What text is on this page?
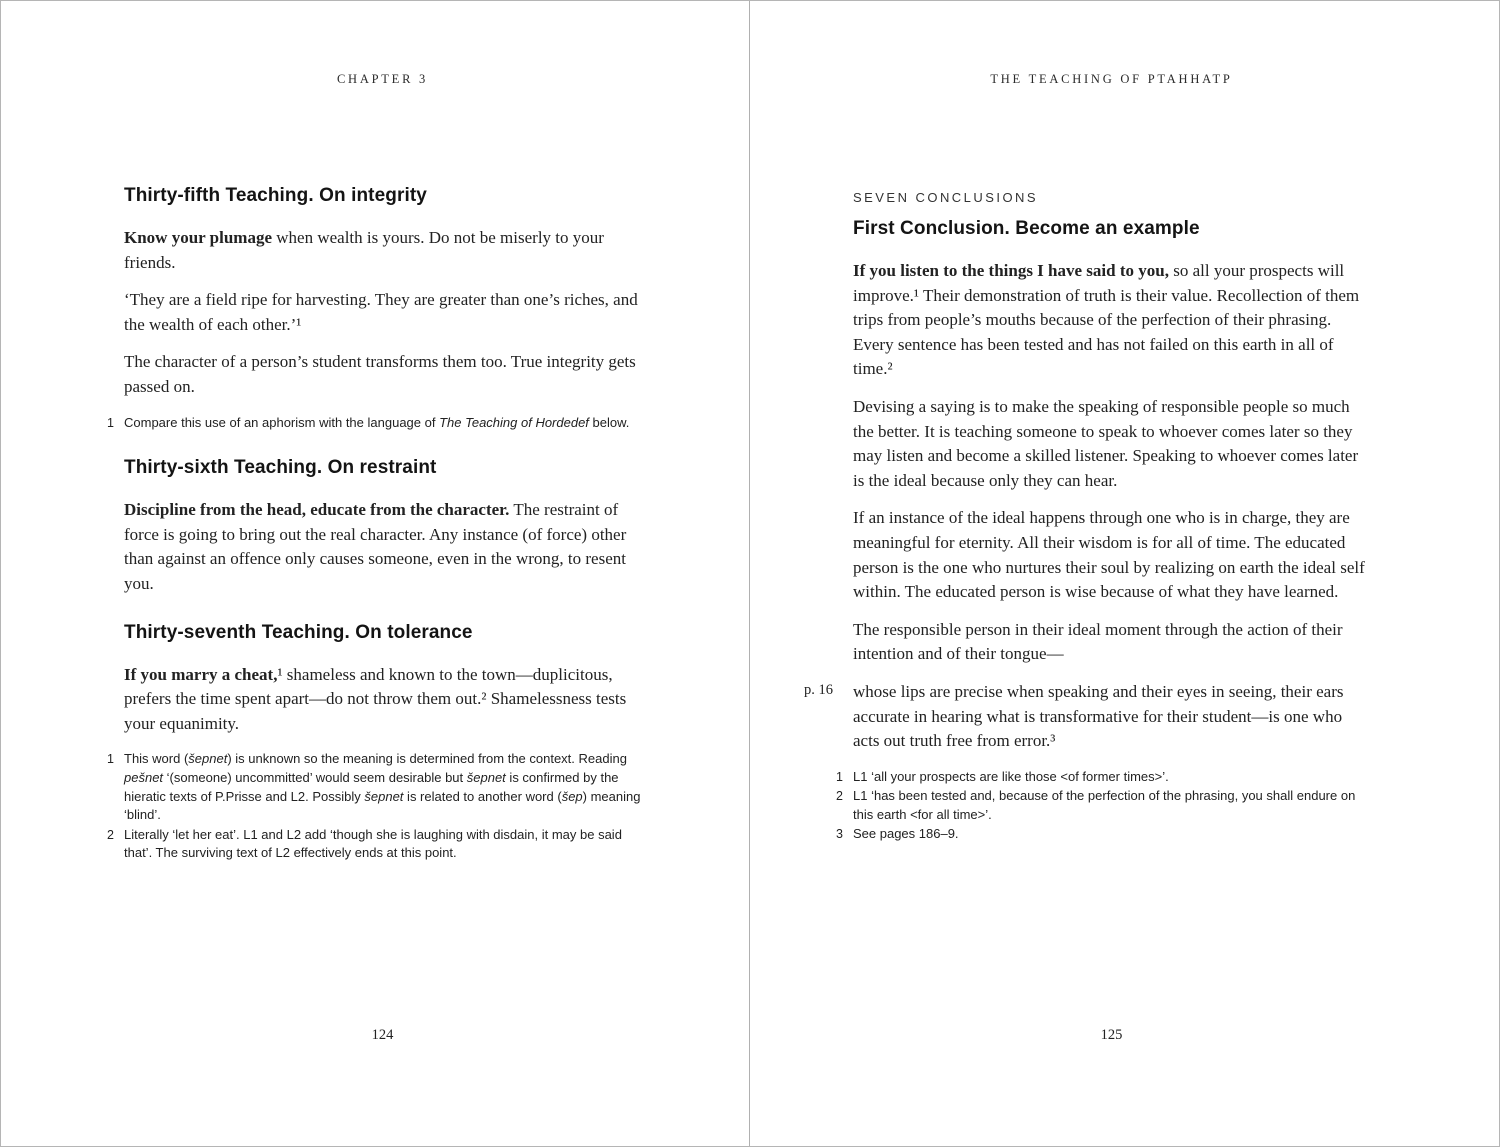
CHAPTER 3
Thirty-fifth Teaching. On integrity

Know your plumage when wealth is yours. Do not be miserly to your friends.

‘They are a field ripe for harvesting. They are greater than one’s riches, and the wealth of each other.’¹

The character of a person’s student transforms them too. True integrity gets passed on.

1 Compare this use of an aphorism with the language of The Teaching of Hordedef below.
Thirty-sixth Teaching. On restraint

Discipline from the head, educate from the character. The restraint of force is going to bring out the real character. Any instance (of force) other than against an offence only causes someone, even in the wrong, to resent you.

Thirty-seventh Teaching. On tolerance

If you marry a cheat,¹ shameless and known to the town—duplicitous, prefers the time spent apart—do not throw them out.² Shamelessness tests your equanimity.

1 This word (šepnet) is unknown so the meaning is determined from the context. Reading pešnet ‘(someone) uncommitted’ would seem desirable but šepnet is confirmed by the hieratic texts of P.Prisse and L2. Possibly šepnet is related to another word (šep) meaning ‘blind’.
2 Literally ‘let her eat’. L1 and L2 add ‘though she is laughing with disdain, it may be said that’. The surviving text of L2 effectively ends at this point.
124
THE TEACHING OF PTAHHATP
SEVEN CONCLUSIONS
First Conclusion. Become an example

If you listen to the things I have said to you, so all your prospects will improve.¹ Their demonstration of truth is their value. Recollection of them trips from people’s mouths because of the perfection of their phrasing. Every sentence has been tested and has not failed on this earth in all of time.²

Devising a saying is to make the speaking of responsible people so much the better. It is teaching someone to speak to whoever comes later so they may listen and become a skilled listener. Speaking to whoever comes later is the ideal because only they can hear.

If an instance of the ideal happens through one who is in charge, they are meaningful for eternity. All their wisdom is for all of time. The educated person is the one who nurtures their soul by realizing on earth the ideal self within. The educated person is wise because of what they have learned.

The responsible person in their ideal moment through the action of their intention and of their tongue—

p. 16 whose lips are precise when speaking and their eyes in seeing, their ears accurate in hearing what is transformative for their student—is one who acts out truth free from error.³

1 L1 ‘all your prospects are like those <of former times>’.
2 L1 ‘has been tested and, because of the perfection of the phrasing, you shall endure on this earth <for all time>’.
3 See pages 186–9.
125
